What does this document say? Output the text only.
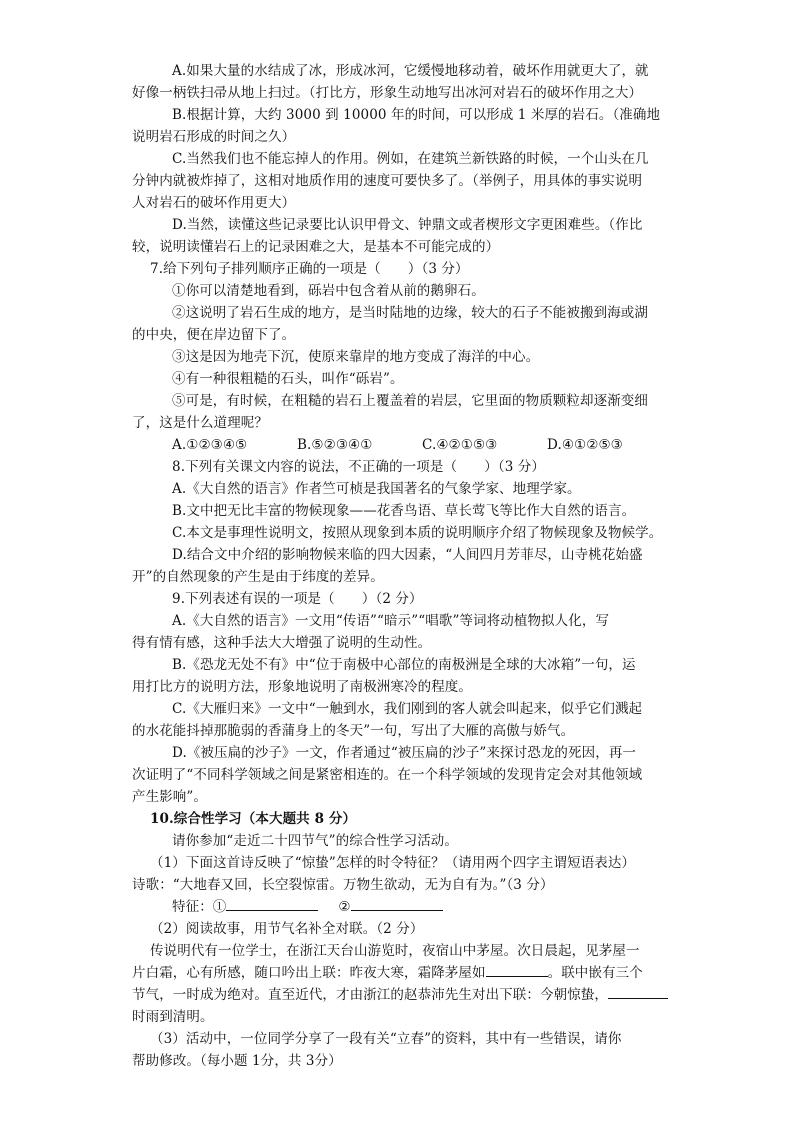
A.如果大量的水结成了冰，形成冰河，它缓慢地移动着，破坏作用就更大了，就

好像一柄铁扫帚从地上扫过。（打比方，形象生动地写出冰河对岩石的破坏作用之大）

B.根据计算，大约 3000 到 10000 年的时间，可以形成 1 米厚的岩石。（准确地

说明岩石形成的时间之久）

C.当然我们也不能忘掉人的作用。例如，在建筑兰新铁路的时候，一个山头在几

分钟内就被炸掉了，这相对地质作用的速度可要快多了。（举例子，用具体的事实说明

人对岩石的破坏作用更大）

D.当然，读懂这些记录要比认识甲骨文、钟鼎文或者楔形文字更困难些。（作比

较，说明读懂岩石上的记录困难之大，是基本不可能完成的）

7.给下列句子排列顺序正确的一项是（　　）（3 分）

①你可以清楚地看到，砾岩中包含着从前的鹅卵石。

②这说明了岩石生成的地方，是当时陆地的边缘，较大的石子不能被搬到海或湖

的中央，便在岸边留下了。

③这是因为地壳下沉，使原来靠岸的地方变成了海洋的中心。

④有一种很粗糙的石头，叫作“砾岩”。

⑤可是，有时候，在粗糙的岩石上覆盖着的岩层，它里面的物质颗粒却逐渐变细

了，这是什么道理呢？

A.①②③④⑤	B.⑤②③④①	C.④②①⑤③	D.④①②⑤③

8.下列有关课文内容的说法，不正确的一项是（　　）（3 分）

A.《大自然的语言》作者竺可桢是我国著名的气象学家、地理学家。

B.文中把无比丰富的物候现象——花香鸟语、草长莺飞等比作大自然的语言。

C.本文是事理性说明文，按照从现象到本质的说明顺序介绍了物候现象及物候学。

D.结合文中介绍的影响物候来临的四大因素，“人间四月芳菲尽，山寺桃花始盛

开”的自然现象的产生是由于纬度的差异。

9.下列表述有误的一项是（　　）（2 分）

A.《大自然的语言》一文用“传语”“暗示”“唱歌”等词将动植物拟人化，写

得有情有感，这种手法大大增强了说明的生动性。

B.《恐龙无处不有》中“位于南极中心部位的南极洲是全球的大冰箱”一句，运

用打比方的说明方法，形象地说明了南极洲寒冷的程度。

C.《大雁归来》一文中“一触到水，我们刚到的客人就会叫起来，似乎它们溅起

的水花能抖掉那脆弱的香蒲身上的冬天”一句，写出了大雁的高傲与娇气。

D.《被压扁的沙子》一文，作者通过“被压扁的沙子”来探讨恐龙的死因，再一

次证明了“不同科学领域之间是紧密相连的。在一个科学领域的发现肯定会对其他领域

产生影响”。

10.综合性学习（本大题共 8 分）

请你参加“走近二十四节气”的综合性学习活动。

（1）下面这首诗反映了“惊蛰”怎样的时令特征？（请用两个四字主谓短语表达）

诗歌：“大地春又回，长空裂惊雷。万物生欲动，无为自有为。”（3 分）

特征：①	②

（2）阅读故事，用节气名补全对联。（2 分）

传说明代有一位学士，在浙江天台山游览时，夜宿山中茅屋。次日晨起，见茅屋一

片白霜，心有所感，随口吟出上联：昨夜大寒，霜降茅屋如	。联中嵌有三个

节气，一时成为绝对。直至近代，才由浙江的赵恭沛先生对出下联：今朝惊蛰，

时雨到清明。

（3）活动中，一位同学分享了一段有关“立春”的资料，其中有一些错误，请你

帮助修改。（每小题 1分，共 3分）
